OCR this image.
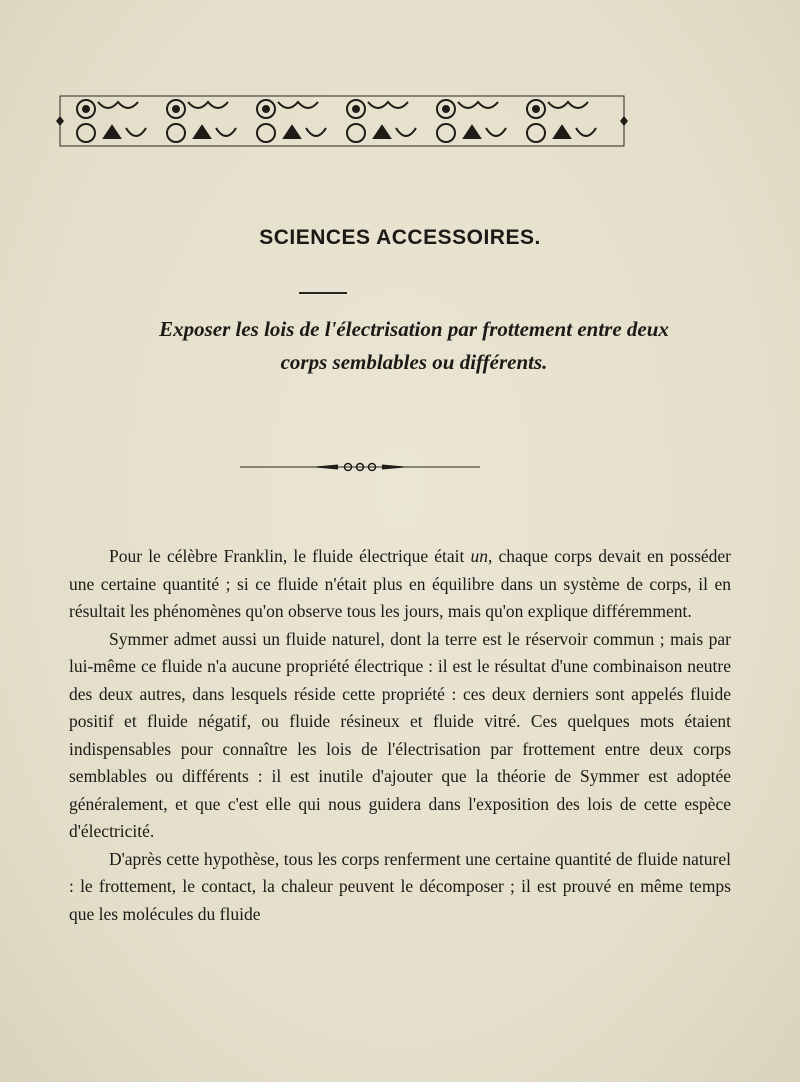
SCIENCES ACCESSOIRES.
Exposer les lois de l'électrisation par frottement entre deux
corps semblables ou différents.

Pour le célèbre Franklin, le fluide électrique était un, chaque corps devait en posséder une certaine quantité ; si ce fluide n'était plus en équilibre dans un système de corps, il en résultait les phénomènes qu'on observe tous les jours, mais qu'on explique différemment.

Symmer admet aussi un fluide naturel, dont la terre est le réservoir commun ; mais par lui-même ce fluide n'a aucune propriété électrique : il est le résultat d'une combinaison neutre des deux autres, dans lesquels réside cette propriété : ces deux derniers sont appelés fluide positif et fluide négatif, ou fluide résineux et fluide vitré. Ces quelques mots étaient indispensables pour connaître les lois de l'électrisation par frottement entre deux corps semblables ou différents : il est inutile d'ajouter que la théorie de Symmer est adoptée généralement, et que c'est elle qui nous guidera dans l'exposition des lois de cette espèce d'électricité.

D'après cette hypothèse, tous les corps renferment une certaine quantité de fluide naturel : le frottement, le contact, la chaleur peuvent le décomposer ; il est prouvé en même temps que les molécules du fluide
